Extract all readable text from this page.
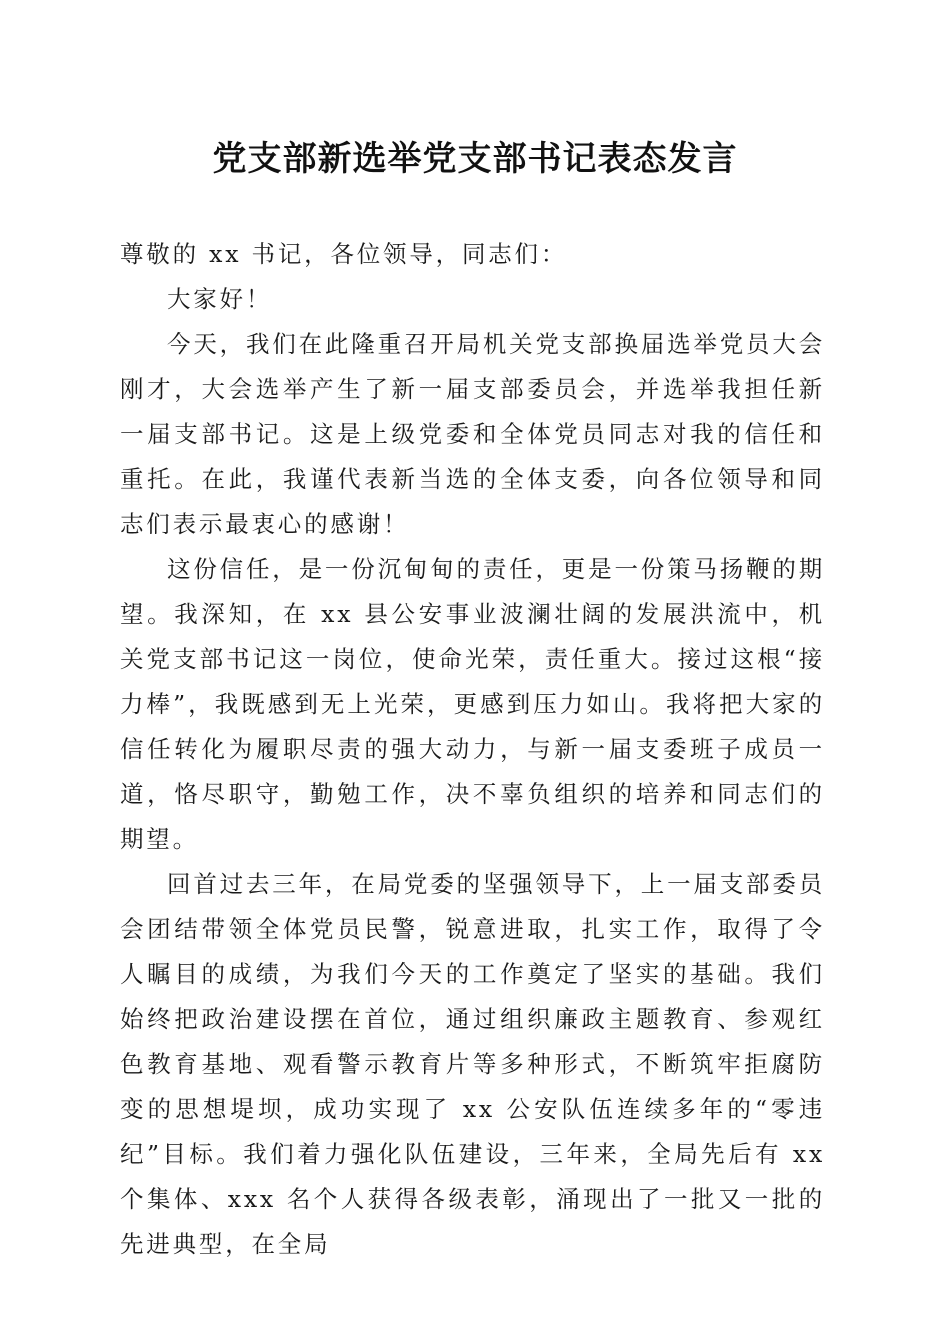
党支部新选举党支部书记表态发言

尊敬的 xx 书记，各位领导，同志们：

大家好！

今天，我们在此隆重召开局机关党支部换届选举党员大会刚才，大会选举产生了新一届支部委员会，并选举我担任新一届支部书记。这是上级党委和全体党员同志对我的信任和重托。在此，我谨代表新当选的全体支委，向各位领导和同志们表示最衷心的感谢！

这份信任，是一份沉甸甸的责任，更是一份策马扬鞭的期望。我深知，在 xx 县公安事业波澜壮阔的发展洪流中，机关党支部书记这一岗位，使命光荣，责任重大。接过这根“接力棒”，我既感到无上光荣，更感到压力如山。我将把大家的信任转化为履职尽责的强大动力，与新一届支委班子成员一道，恪尽职守，勤勉工作，决不辜负组织的培养和同志们的期望。

回首过去三年，在局党委的坚强领导下，上一届支部委员会团结带领全体党员民警，锐意进取，扎实工作，取得了令人瞩目的成绩，为我们今天的工作奠定了坚实的基础。我们始终把政治建设摆在首位，通过组织廉政主题教育、参观红色教育基地、观看警示教育片等多种形式，不断筑牢拒腐防变的思想堤坝，成功实现了 xx 公安队伍连续多年的“零违纪”目标。我们着力强化队伍建设，三年来，全局先后有 xx 个集体、xxx 名个人获得各级表彰，涌现出了一批又一批的先进典型，在全局
